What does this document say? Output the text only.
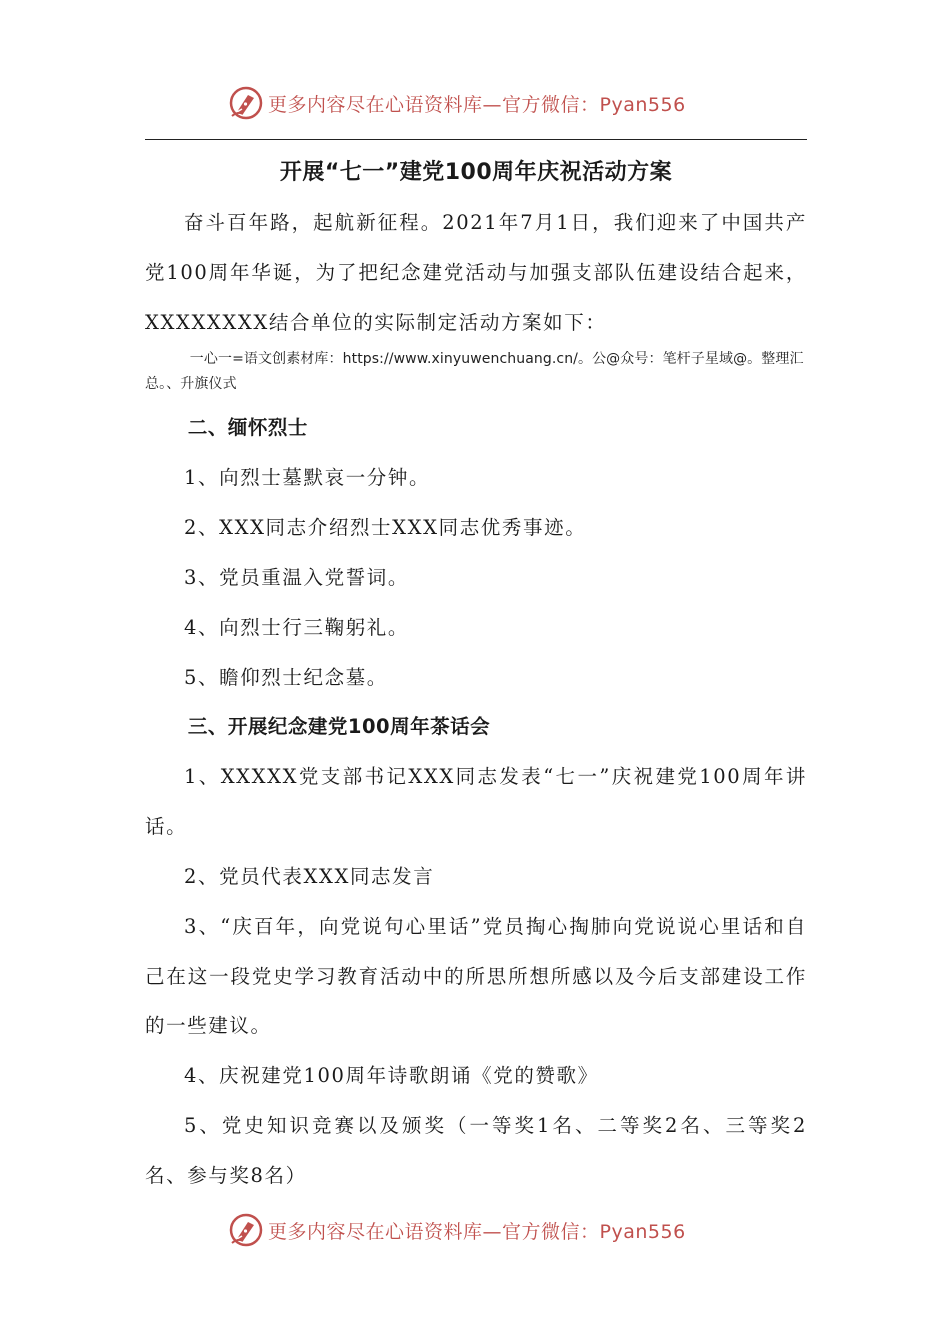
更多内容尽在心语资料库—官方微信：Pyan556
开展“七一”建党100周年庆祝活动方案

奋斗百年路，起航新征程。2021年7月1日，我们迎来了中国共产党100周年华诞，为了把纪念建党活动与加强支部队伍建设结合起来，XXXXXXXX结合单位的实际制定活动方案如下：

一心一=语文创素材库：https://www.xinyuwenchuang.cn/。公@众号：笔杆子星域@。整理汇总。、升旗仪式

二、缅怀烈士

1、向烈士墓默哀一分钟。

2、XXX同志介绍烈士XXX同志优秀事迹。

3、党员重温入党誓词。

4、向烈士行三鞠躬礼。

5、瞻仰烈士纪念墓。

三、开展纪念建党100周年茶话会

1、XXXXX党支部书记XXX同志发表“七一”庆祝建党100周年讲话。

2、党员代表XXX同志发言

3、“庆百年，向党说句心里话”党员掏心掏肺向党说说心里话和自己在这一段党史学习教育活动中的所思所想所感以及今后支部建设工作的一些建议。

4、庆祝建党100周年诗歌朗诵《党的赞歌》

5、党史知识竞赛以及颁奖（一等奖1名、二等奖2名、三等奖2名、参与奖8名）

更多内容尽在心语资料库—官方微信：Pyan556
